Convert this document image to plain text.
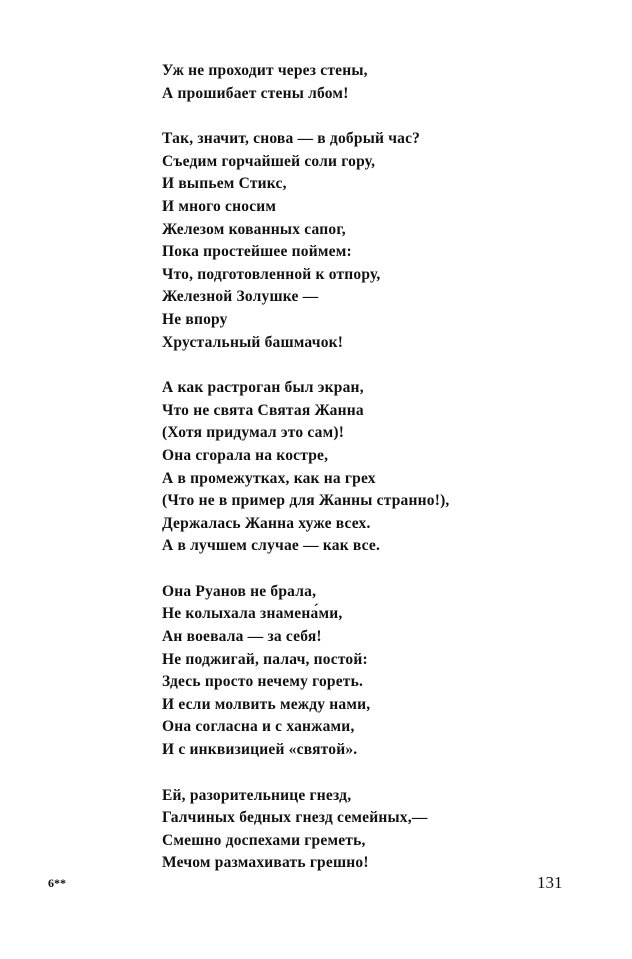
Уж не проходит через стены,
А прошибает стены лбом!
Так, значит, снова — в добрый час?
Съедим горчайшей соли гору,
И выпьем Стикс,
И много сносим
Железом кованных сапог,
Пока простейшее поймем:
Что, подготовленной к отпору,
Железной Золушке —
Не впору
Хрустальный башмачок!
А как растроган был экран,
Что не свята Святая Жанна
(Хотя придумал это сам)!
Она сгорала на костре,
А в промежутках, как на грех
(Что не в пример для Жанны странно!),
Держалась Жанна хуже всех.
А в лучшем случае — как все.
Она Руанов не брала,
Не колыхала знамена́ми,
Ан воевала — за себя!
Не поджигай, палач, постой:
Здесь просто нечему гореть.
И если молвить между нами,
Она согласна и с ханжами,
И с инквизицией «святой».
Ей, разорительнице гнезд,
Галчиных бедных гнезд семейных,—
Смешно доспехами греметь,
Мечом размахивать грешно!
6**	131
